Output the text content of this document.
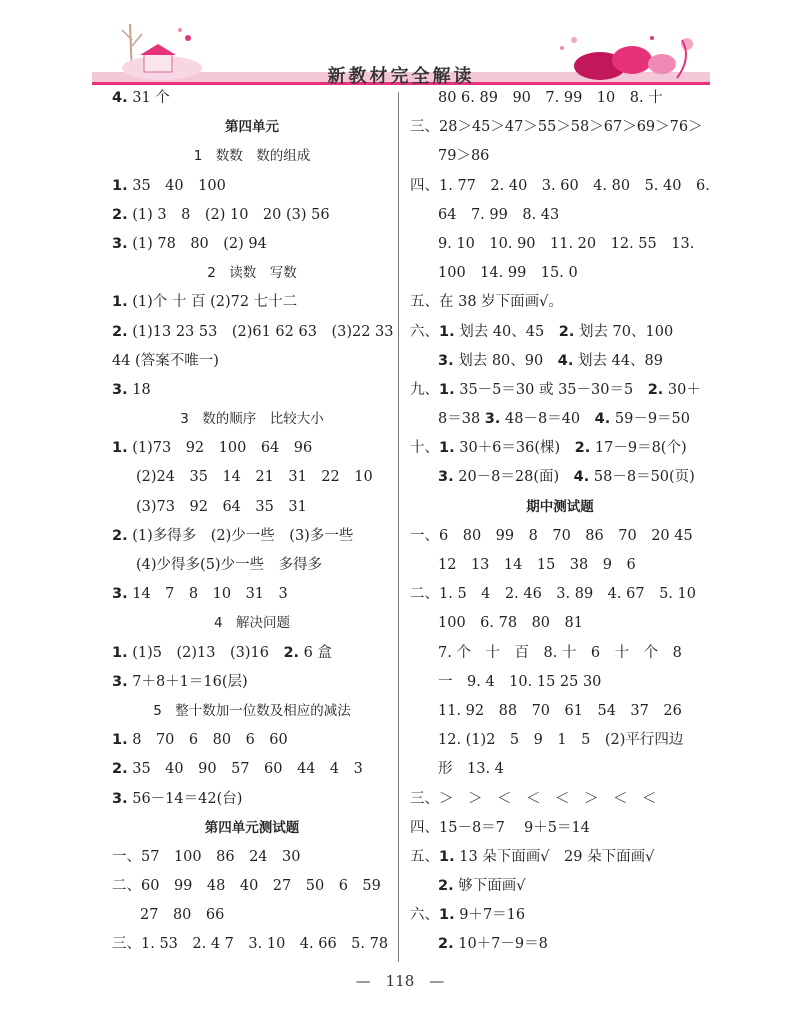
新教材完全解读
4. 31 个
第四单元
1　数数　数的组成
1. 35　40　100
2. (1) 3　8　(2) 10　20 (3) 56
3. (1) 78　80　(2) 94
2　读数　写数
1. (1)个 十 百 (2)72 七十二
2. (1)13 23 53　(2)61 62 63　(3)22 33
44 (答案不唯一)
3. 18
3　数的顺序　比较大小
1. (1)73　92　100　64　96
(2)24　35　14　21　31　22　10
(3)73　92　64　35　31
2. (1)多得多　(2)少一些　(3)多一些
(4)少得多(5)少一些　多得多
3. 14　7　8　10　31　3
4　解决问题
1. (1)5　(2)13　(3)16　2. 6 盒
3. 7＋8＋1＝16(层)
5　整十数加一位数及相应的减法
1. 8　70　6　80　6　60
2. 35　40　90　57　60　44　4　3
3. 56－14＝42(台)
第四单元测试题
一、57　100　86　24　30
二、60　99　48　40　27　50　6　59
27　80　66
三、1. 53　2. 4 7　3. 10　4. 66　5. 78
80 6. 89　90　7. 99　10　8. 十
三、28＞45＞47＞55＞58＞67＞69＞76＞
79＞86
四、1. 77　2. 40　3. 60　4. 80　5. 40　6.
64　7. 99　8. 43
9. 10　10. 90　11. 20　12. 55　13.
100　14. 99　15. 0
五、在 38 岁下面画√。
六、1. 划去 40、45　2. 划去 70、100
3. 划去 80、90　4. 划去 44、89
九、1. 35－5＝30 或 35－30＝5　2. 30＋
8＝38 3. 48－8＝40　4. 59－9＝50
十、1. 30＋6＝36(棵)　2. 17－9＝8(个)
3. 20－8＝28(面)　4. 58－8＝50(页)
期中测试题
一、6　80　99　8　70　86　70　20 45
12　13　14　15　38　9　6
二、1. 5　4　2. 46　3. 89　4. 67　5. 10
100　6. 78　80　81
7. 个　十　百　8. 十　6　十　个　8
一　9. 4　10. 15 25 30
11. 92　88　70　61　54　37　26
12. (1)2　5　9　1　5　(2)平行四边
形　13. 4
三、＞　＞　＜　＜　＜　＞　＜　＜
四、15－8＝7　 9＋5＝14
五、1. 13 朵下面画√　29 朵下面画√
2. 够下面画√
六、1. 9＋7＝16
2. 10＋7－9＝8
—　118　—
